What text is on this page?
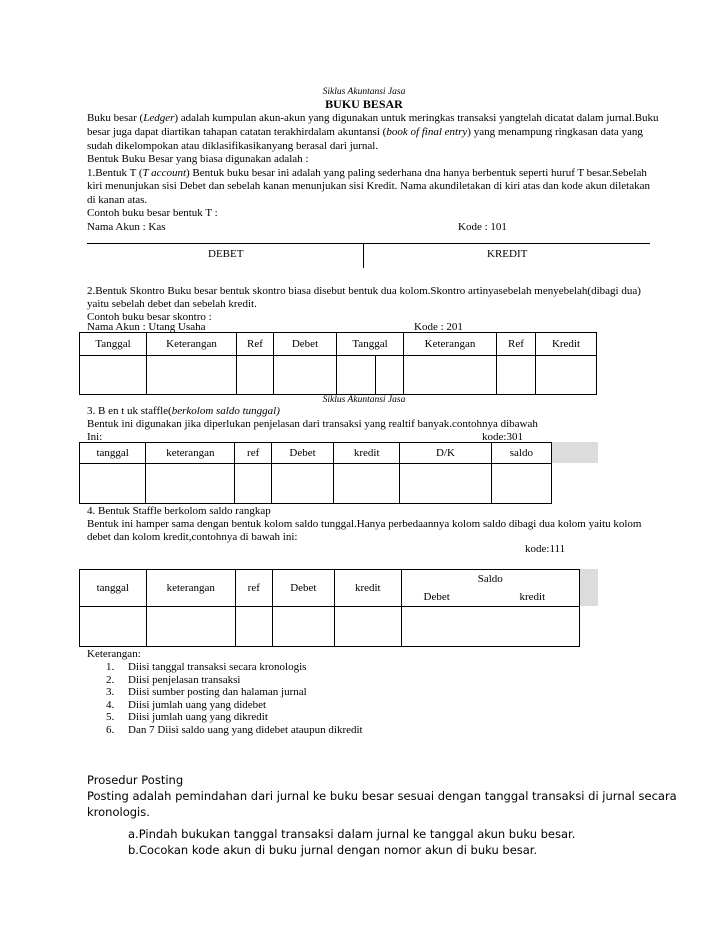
Siklus Akuntansi Jasa
BUKU BESAR
Buku besar (Ledger) adalah kumpulan akun-akun yang digunakan untuk meringkas transaksi yangtelah dicatat dalam jurnal.Buku
besar juga dapat diartikan tahapan catatan terakhirdalam akuntansi (book of final entry) yang menampung ringkasan data yang
sudah dikelompokan atau diklasifikasikanyang berasal dari jurnal.
Bentuk Buku Besar yang biasa digunakan adalah :
1.Bentuk T (T account) Bentuk buku besar ini adalah yang paling sederhana dna hanya berbentuk seperti huruf T besar.Sebelah
kiri menunjukan sisi Debet dan sebelah kanan menunjukan sisi Kredit. Nama akundiletakan di kiri atas dan kode akun diletakan
di kanan atas.
Contoh buku besar bentuk T :
Nama Akun : Kas	Kode : 101
DEBET	KREDIT
2.Bentuk Skontro Buku besar bentuk skontro biasa disebut bentuk dua kolom.Skontro artinyasebelah menyebelah(dibagi dua)
yaitu sebelah debet dan sebelah kredit.
Contoh buku besar skontro :
Nama Akun : Utang Usaha	Kode : 201
Tanggal	Keterangan	Ref	Debet	Tanggal		Keterangan	Ref	Kredit

Siklus Akuntansi Jasa
3. B en t uk staffle(berkolom saldo tunggal)
Bentuk ini digunakan jika diperlukan penjelasan dari transaksi yang realtif banyak.contohnya dibawah
Ini:	kode:301
tanggal	keterangan	ref	Debet	kredit	D/K	saldo

4. Bentuk Staffle berkolom saldo rangkap
Bentuk ini hamper sama dengan bentuk kolom saldo tunggal.Hanya perbedaannya kolom saldo dibagi dua kolom yaitu kolom
debet dan kolom kredit,contohnya di bawah ini:
kode:111
tanggal	keterangan	ref	Debet	kredit	Saldo
Debet kredit

Keterangan:
1. Diisi tanggal transaksi secara kronologis
2. Diisi penjelasan transaksi
3. Diisi sumber posting dan halaman jurnal
4. Diisi jumlah uang yang didebet
5. Diisi jumlah uang yang dikredit
6. Dan 7 Diisi saldo uang yang didebet ataupun dikredit
Prosedur Posting
Posting adalah pemindahan dari jurnal ke buku besar sesuai dengan tanggal transaksi di jurnal secara
kronologis.
a.Pindah bukukan tanggal transaksi dalam jurnal ke tanggal akun buku besar.
b.Cocokan kode akun di buku jurnal dengan nomor akun di buku besar.
